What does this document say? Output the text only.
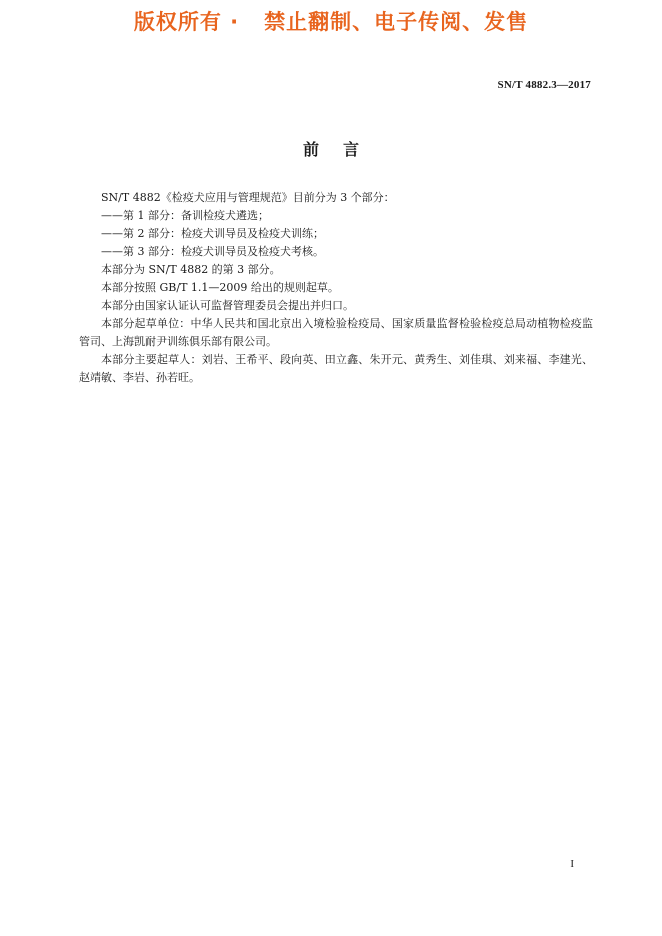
版权所有 ·   禁止翻制、电子传阅、发售
SN/T 4882.3—2017
前言

SN/T 4882《检疫犬应用与管理规范》目前分为 3 个部分：

——第 1 部分：备训检疫犬遴选；

——第 2 部分：检疫犬训导员及检疫犬训练；

——第 3 部分：检疫犬训导员及检疫犬考核。

本部分为 SN/T 4882 的第 3 部分。

本部分按照 GB/T 1.1—2009 给出的规则起草。

本部分由国家认证认可监督管理委员会提出并归口。

本部分起草单位：中华人民共和国北京出入境检验检疫局、国家质量监督检验检疫总局动植物检疫监管司、上海凯耐尹训练俱乐部有限公司。

本部分主要起草人：刘岩、王希平、段向英、田立鑫、朱开元、黄秀生、刘佳琪、刘来福、李建光、赵靖敏、李岩、孙若旺。

I
